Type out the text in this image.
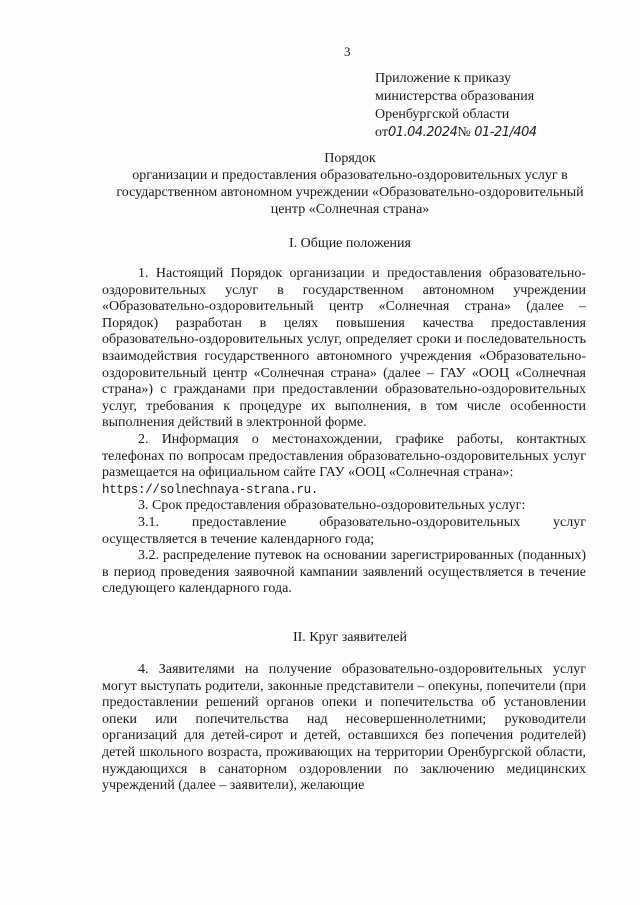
3
Приложение к приказу
министерства образования
Оренбургской области
от01.04.2024№ 01-21/404
Порядок
организации и предоставления образовательно-оздоровительных услуг в
государственном автономном учреждении «Образовательно-оздоровительный
центр «Солнечная страна»
I. Общие положения

1. Настоящий Порядок организации и предоставления образовательно-оздоровительных услуг в государственном автономном учреждении «Образовательно-оздоровительный центр «Солнечная страна» (далее – Порядок) разработан в целях повышения качества предоставления образовательно-оздоровительных услуг, определяет сроки и последовательность взаимодействия государственного автономного учреждения «Образовательно-оздоровительный центр «Солнечная страна» (далее – ГАУ «ООЦ «Солнечная страна») с гражданами при предоставлении образовательно-оздоровительных услуг, требования к процедуре их выполнения, в том числе особенности выполнения действий в электронной форме.

2. Информация о местонахождении, графике работы, контактных телефонах по вопросам предоставления образовательно-оздоровительных услуг размещается на официальном сайте ГАУ «ООЦ «Солнечная страна»:

https://solnechnaya-strana.ru.

3. Срок предоставления образовательно-оздоровительных услуг:

3.1. предоставление образовательно-оздоровительных услуг осуществляется в течение календарного года;

3.2. распределение путевок на основании зарегистрированных (поданных) в период проведения заявочной кампании заявлений осуществляется в течение следующего календарного года.

II. Круг заявителей

4. Заявителями на получение образовательно-оздоровительных услуг могут выступать родители, законные представители – опекуны, попечители (при предоставлении решений органов опеки и попечительства об установлении опеки или попечительства над несовершеннолетними; руководители организаций для детей-сирот и детей, оставшихся без попечения родителей) детей школьного возраста, проживающих на территории Оренбургской области, нуждающихся в санаторном оздоровлении по заключению медицинских учреждений (далее – заявители), желающие
